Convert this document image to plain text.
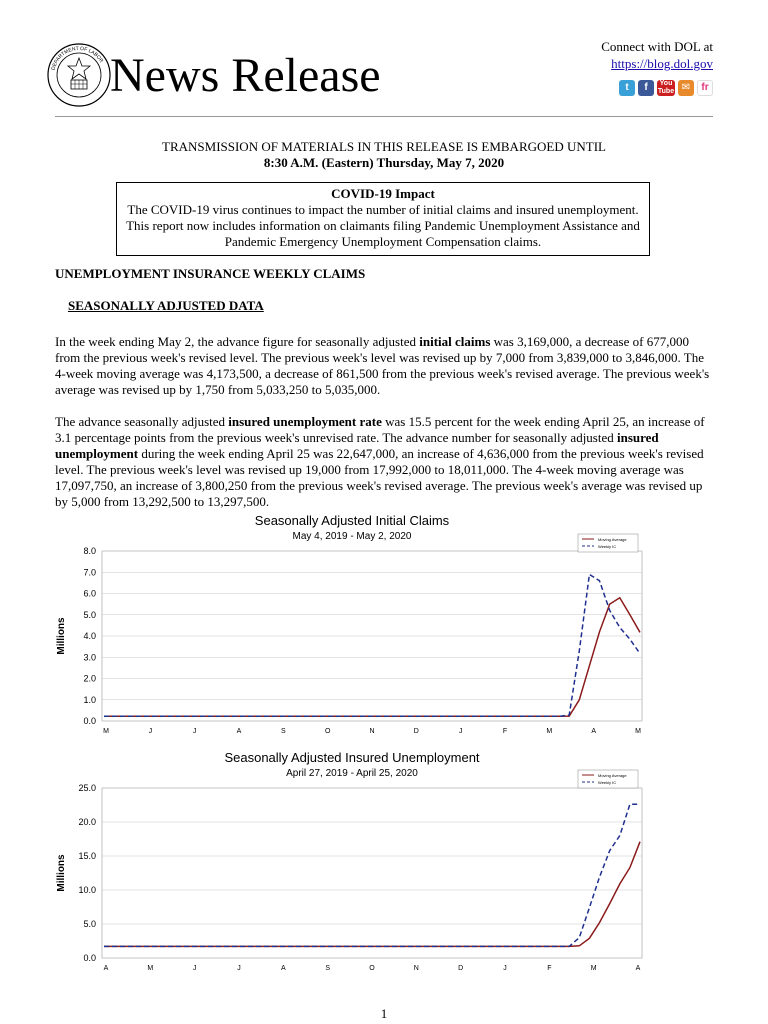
DEPARTMENT OF LABOR News Release
Connect with DOL at
https://blog.dol.gov
t	f	You
Tube ✉	fr
TRANSMISSION OF MATERIALS IN THIS RELEASE IS EMBARGOED UNTIL
8:30 A.M. (Eastern) Thursday, May 7, 2020
COVID-19 Impact
The COVID-19 virus continues to impact the number of initial claims and insured unemployment.
This report now includes information on claimants filing Pandemic Unemployment Assistance and
Pandemic Emergency Unemployment Compensation claims.
UNEMPLOYMENT INSURANCE WEEKLY CLAIMS
SEASONALLY ADJUSTED DATA
In the week ending May 2, the advance figure for seasonally adjusted initial claims was 3,169,000, a decrease of 677,000 from the previous week's revised level. The previous week's level was revised up by 7,000 from 3,839,000 to 3,846,000. The 4-week moving average was 4,173,500, a decrease of 861,500 from the previous week's revised average. The previous week's average was revised up by 1,750 from 5,033,250 to 5,035,000.
The advance seasonally adjusted insured unemployment rate was 15.5 percent for the week ending April 25, an increase of 3.1 percentage points from the previous week's unrevised rate. The advance number for seasonally adjusted insured unemployment during the week ending April 25 was 22,647,000, an increase of 4,636,000 from the previous week's revised level. The previous week's level was revised up 19,000 from 17,992,000 to 18,011,000. The 4-week moving average was 17,097,750, an increase of 3,800,250 from the previous week's revised average. The previous week's average was revised up by 5,000 from 13,292,500 to 13,297,500.
Seasonally Adjusted Initial Claims
May 4, 2019 - May 2, 2020
0.0
1.0
2.0
3.0
4.0
5.0
6.0
7.0
8.0
Millions
M	J	J	A	S	O	N	D	J	F	M	A	M
Moving Average
Weekly IC
Seasonally Adjusted Insured Unemployment
April 27, 2019 - April 25, 2020
0.0
5.0
10.0
15.0
20.0
25.0
Millions
A	M	J	J	A	S	O	N	D	J	F	M	A
Moving Average
Weekly IC
1
